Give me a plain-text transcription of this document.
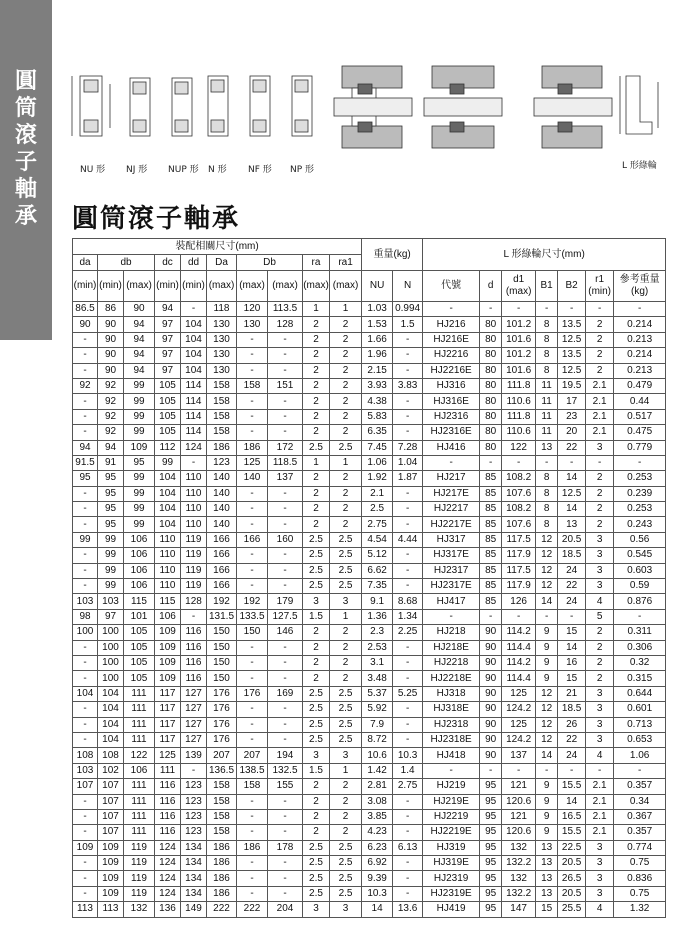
圓
筒
滾
子
軸
承
NU 形 NJ 形 NUP 形 N 形 NF 形 NP 形	L 形綠輪
圓筒滾子軸承
裝配相關尺寸(mm)										重量(kg)		L 形綠輪尺寸(mm)						
da	db		dc	dd	Da	Db		ra	ra1									
(min)	(min)	(max)	(min)	(min)	(max)	(max)	(max)	(max)	(max)	NU	N	代號	d	d1 (max)	B1	B2	r1 (min)	參考重量 (kg)
86.5	86	90	94	-	118	120	113.5	1	1	1.03	0.994	-	-	-	-	-	-	-
90	90	94	97	104	130	130	128	2	2	1.53	1.5	HJ216	80	101.2	8	13.5	2	0.214
-	90	94	97	104	130	-	-	2	2	1.66	-	HJ216E	80	101.6	8	12.5	2	0.213
-	90	94	97	104	130	-	-	2	2	1.96	-	HJ2216	80	101.2	8	13.5	2	0.214
-	90	94	97	104	130	-	-	2	2	2.15	-	HJ2216E	80	101.6	8	12.5	2	0.213
92	92	99	105	114	158	158	151	2	2	3.93	3.83	HJ316	80	111.8	11	19.5	2.1	0.479
-	92	99	105	114	158	-	-	2	2	4.38	-	HJ316E	80	110.6	11	17	2.1	0.44
-	92	99	105	114	158	-	-	2	2	5.83	-	HJ2316	80	111.8	11	23	2.1	0.517
-	92	99	105	114	158	-	-	2	2	6.35	-	HJ2316E	80	110.6	11	20	2.1	0.475
94	94	109	112	124	186	186	172	2.5	2.5	7.45	7.28	HJ416	80	122	13	22	3	0.779
91.5	91	95	99	-	123	125	118.5	1	1	1.06	1.04	-	-	-	-	-	-	-
95	95	99	104	110	140	140	137	2	2	1.92	1.87	HJ217	85	108.2	8	14	2	0.253
-	95	99	104	110	140	-	-	2	2	2.1	-	HJ217E	85	107.6	8	12.5	2	0.239
-	95	99	104	110	140	-	-	2	2	2.5	-	HJ2217	85	108.2	8	14	2	0.253
-	95	99	104	110	140	-	-	2	2	2.75	-	HJ2217E	85	107.6	8	13	2	0.243
99	99	106	110	119	166	166	160	2.5	2.5	4.54	4.44	HJ317	85	117.5	12	20.5	3	0.56
-	99	106	110	119	166	-	-	2.5	2.5	5.12	-	HJ317E	85	117.9	12	18.5	3	0.545
-	99	106	110	119	166	-	-	2.5	2.5	6.62	-	HJ2317	85	117.5	12	24	3	0.603
-	99	106	110	119	166	-	-	2.5	2.5	7.35	-	HJ2317E	85	117.9	12	22	3	0.59
103	103	115	115	128	192	192	179	3	3	9.1	8.68	HJ417	85	126	14	24	4	0.876
98	97	101	106	-	131.5	133.5	127.5	1.5	1	1.36	1.34	-	-	-	-	-	5	-
100	100	105	109	116	150	150	146	2	2	2.3	2.25	HJ218	90	114.2	9	15	2	0.311
-	100	105	109	116	150	-	-	2	2	2.53	-	HJ218E	90	114.4	9	14	2	0.306
-	100	105	109	116	150	-	-	2	2	3.1	-	HJ2218	90	114.2	9	16	2	0.32
-	100	105	109	116	150	-	-	2	2	3.48	-	HJ2218E	90	114.4	9	15	2	0.315
104	104	111	117	127	176	176	169	2.5	2.5	5.37	5.25	HJ318	90	125	12	21	3	0.644
-	104	111	117	127	176	-	-	2.5	2.5	5.92	-	HJ318E	90	124.2	12	18.5	3	0.601
-	104	111	117	127	176	-	-	2.5	2.5	7.9	-	HJ2318	90	125	12	26	3	0.713
-	104	111	117	127	176	-	-	2.5	2.5	8.72	-	HJ2318E	90	124.2	12	22	3	0.653
108	108	122	125	139	207	207	194	3	3	10.6	10.3	HJ418	90	137	14	24	4	1.06
103	102	106	111	-	136.5	138.5	132.5	1.5	1	1.42	1.4	-	-	-	-	-	-	-
107	107	111	116	123	158	158	155	2	2	2.81	2.75	HJ219	95	121	9	15.5	2.1	0.357
-	107	111	116	123	158	-	-	2	2	3.08	-	HJ219E	95	120.6	9	14	2.1	0.34
-	107	111	116	123	158	-	-	2	2	3.85	-	HJ2219	95	121	9	16.5	2.1	0.367
-	107	111	116	123	158	-	-	2	2	4.23	-	HJ2219E	95	120.6	9	15.5	2.1	0.357
109	109	119	124	134	186	186	178	2.5	2.5	6.23	6.13	HJ319	95	132	13	22.5	3	0.774
-	109	119	124	134	186	-	-	2.5	2.5	6.92	-	HJ319E	95	132.2	13	20.5	3	0.75
-	109	119	124	134	186	-	-	2.5	2.5	9.39	-	HJ2319	95	132	13	26.5	3	0.836
-	109	119	124	134	186	-	-	2.5	2.5	10.3	-	HJ2319E	95	132.2	13	20.5	3	0.75
113	113	132	136	149	222	222	204	3	3	14	13.6	HJ419	95	147	15	25.5	4	1.32
